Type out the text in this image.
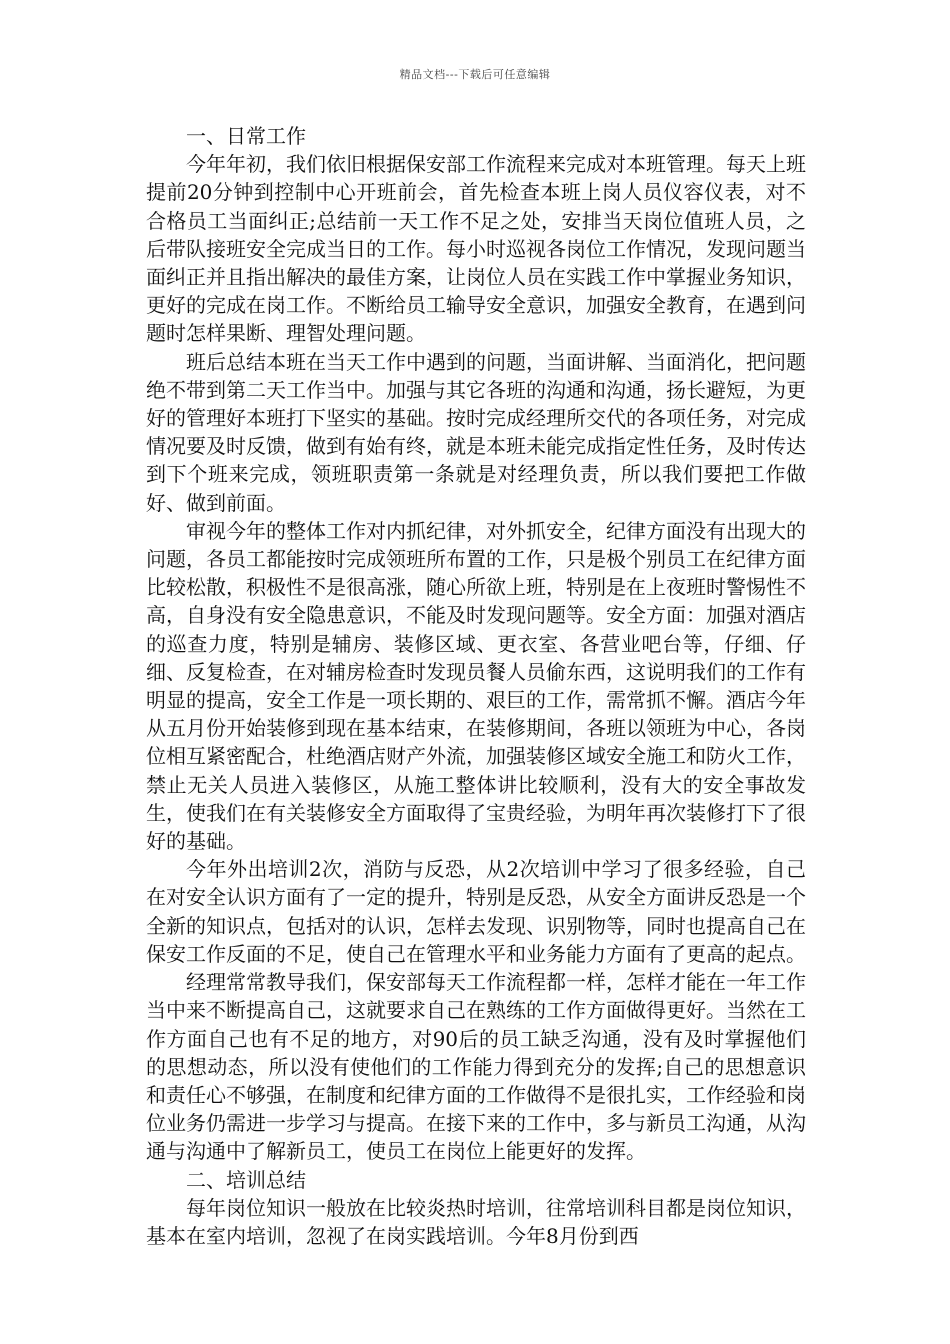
精品文档---下载后可任意编辑

一、日常工作

今年年初，我们依旧根据保安部工作流程来完成对本班管理。每天上班提前20分钟到控制中心开班前会，首先检查本班上岗人员仪容仪表，对不合格员工当面纠正;总结前一天工作不足之处，安排当天岗位值班人员，之后带队接班安全完成当日的工作。每小时巡视各岗位工作情况，发现问题当面纠正并且指出解决的最佳方案，让岗位人员在实践工作中掌握业务知识，更好的完成在岗工作。不断给员工输导安全意识，加强安全教育，在遇到问题时怎样果断、理智处理问题。

班后总结本班在当天工作中遇到的问题，当面讲解、当面消化，把问题绝不带到第二天工作当中。加强与其它各班的沟通和沟通，扬长避短，为更好的管理好本班打下坚实的基础。按时完成经理所交代的各项任务，对完成情况要及时反馈，做到有始有终，就是本班未能完成指定性任务，及时传达到下个班来完成，领班职责第一条就是对经理负责，所以我们要把工作做好、做到前面。

审视今年的整体工作对内抓纪律，对外抓安全，纪律方面没有出现大的问题，各员工都能按时完成领班所布置的工作，只是极个别员工在纪律方面比较松散，积极性不是很高涨，随心所欲上班，特别是在上夜班时警惕性不高，自身没有安全隐患意识，不能及时发现问题等。安全方面：加强对酒店的巡查力度，特别是辅房、装修区域、更衣室、各营业吧台等，仔细、仔细、反复检查，在对辅房检查时发现员餐人员偷东西，这说明我们的工作有明显的提高，安全工作是一项长期的、艰巨的工作，需常抓不懈。酒店今年从五月份开始装修到现在基本结束，在装修期间，各班以领班为中心，各岗位相互紧密配合，杜绝酒店财产外流，加强装修区域安全施工和防火工作，禁止无关人员进入装修区，从施工整体讲比较顺利，没有大的安全事故发生，使我们在有关装修安全方面取得了宝贵经验，为明年再次装修打下了很好的基础。

今年外出培训2次，消防与反恐，从2次培训中学习了很多经验，自己在对安全认识方面有了一定的提升，特别是反恐，从安全方面讲反恐是一个全新的知识点，包括对的认识，怎样去发现、识别物等，同时也提高自己在保安工作反面的不足，使自己在管理水平和业务能力方面有了更高的起点。

经理常常教导我们，保安部每天工作流程都一样，怎样才能在一年工作当中来不断提高自己，这就要求自己在熟练的工作方面做得更好。当然在工作方面自己也有不足的地方，对90后的员工缺乏沟通，没有及时掌握他们的思想动态，所以没有使他们的工作能力得到充分的发挥;自己的思想意识和责任心不够强，在制度和纪律方面的工作做得不是很扎实，工作经验和岗位业务仍需进一步学习与提高。在接下来的工作中，多与新员工沟通，从沟通与沟通中了解新员工，使员工在岗位上能更好的发挥。

二、培训总结

每年岗位知识一般放在比较炎热时培训，往常培训科目都是岗位知识，基本在室内培训，忽视了在岗实践培训。今年8月份到西
